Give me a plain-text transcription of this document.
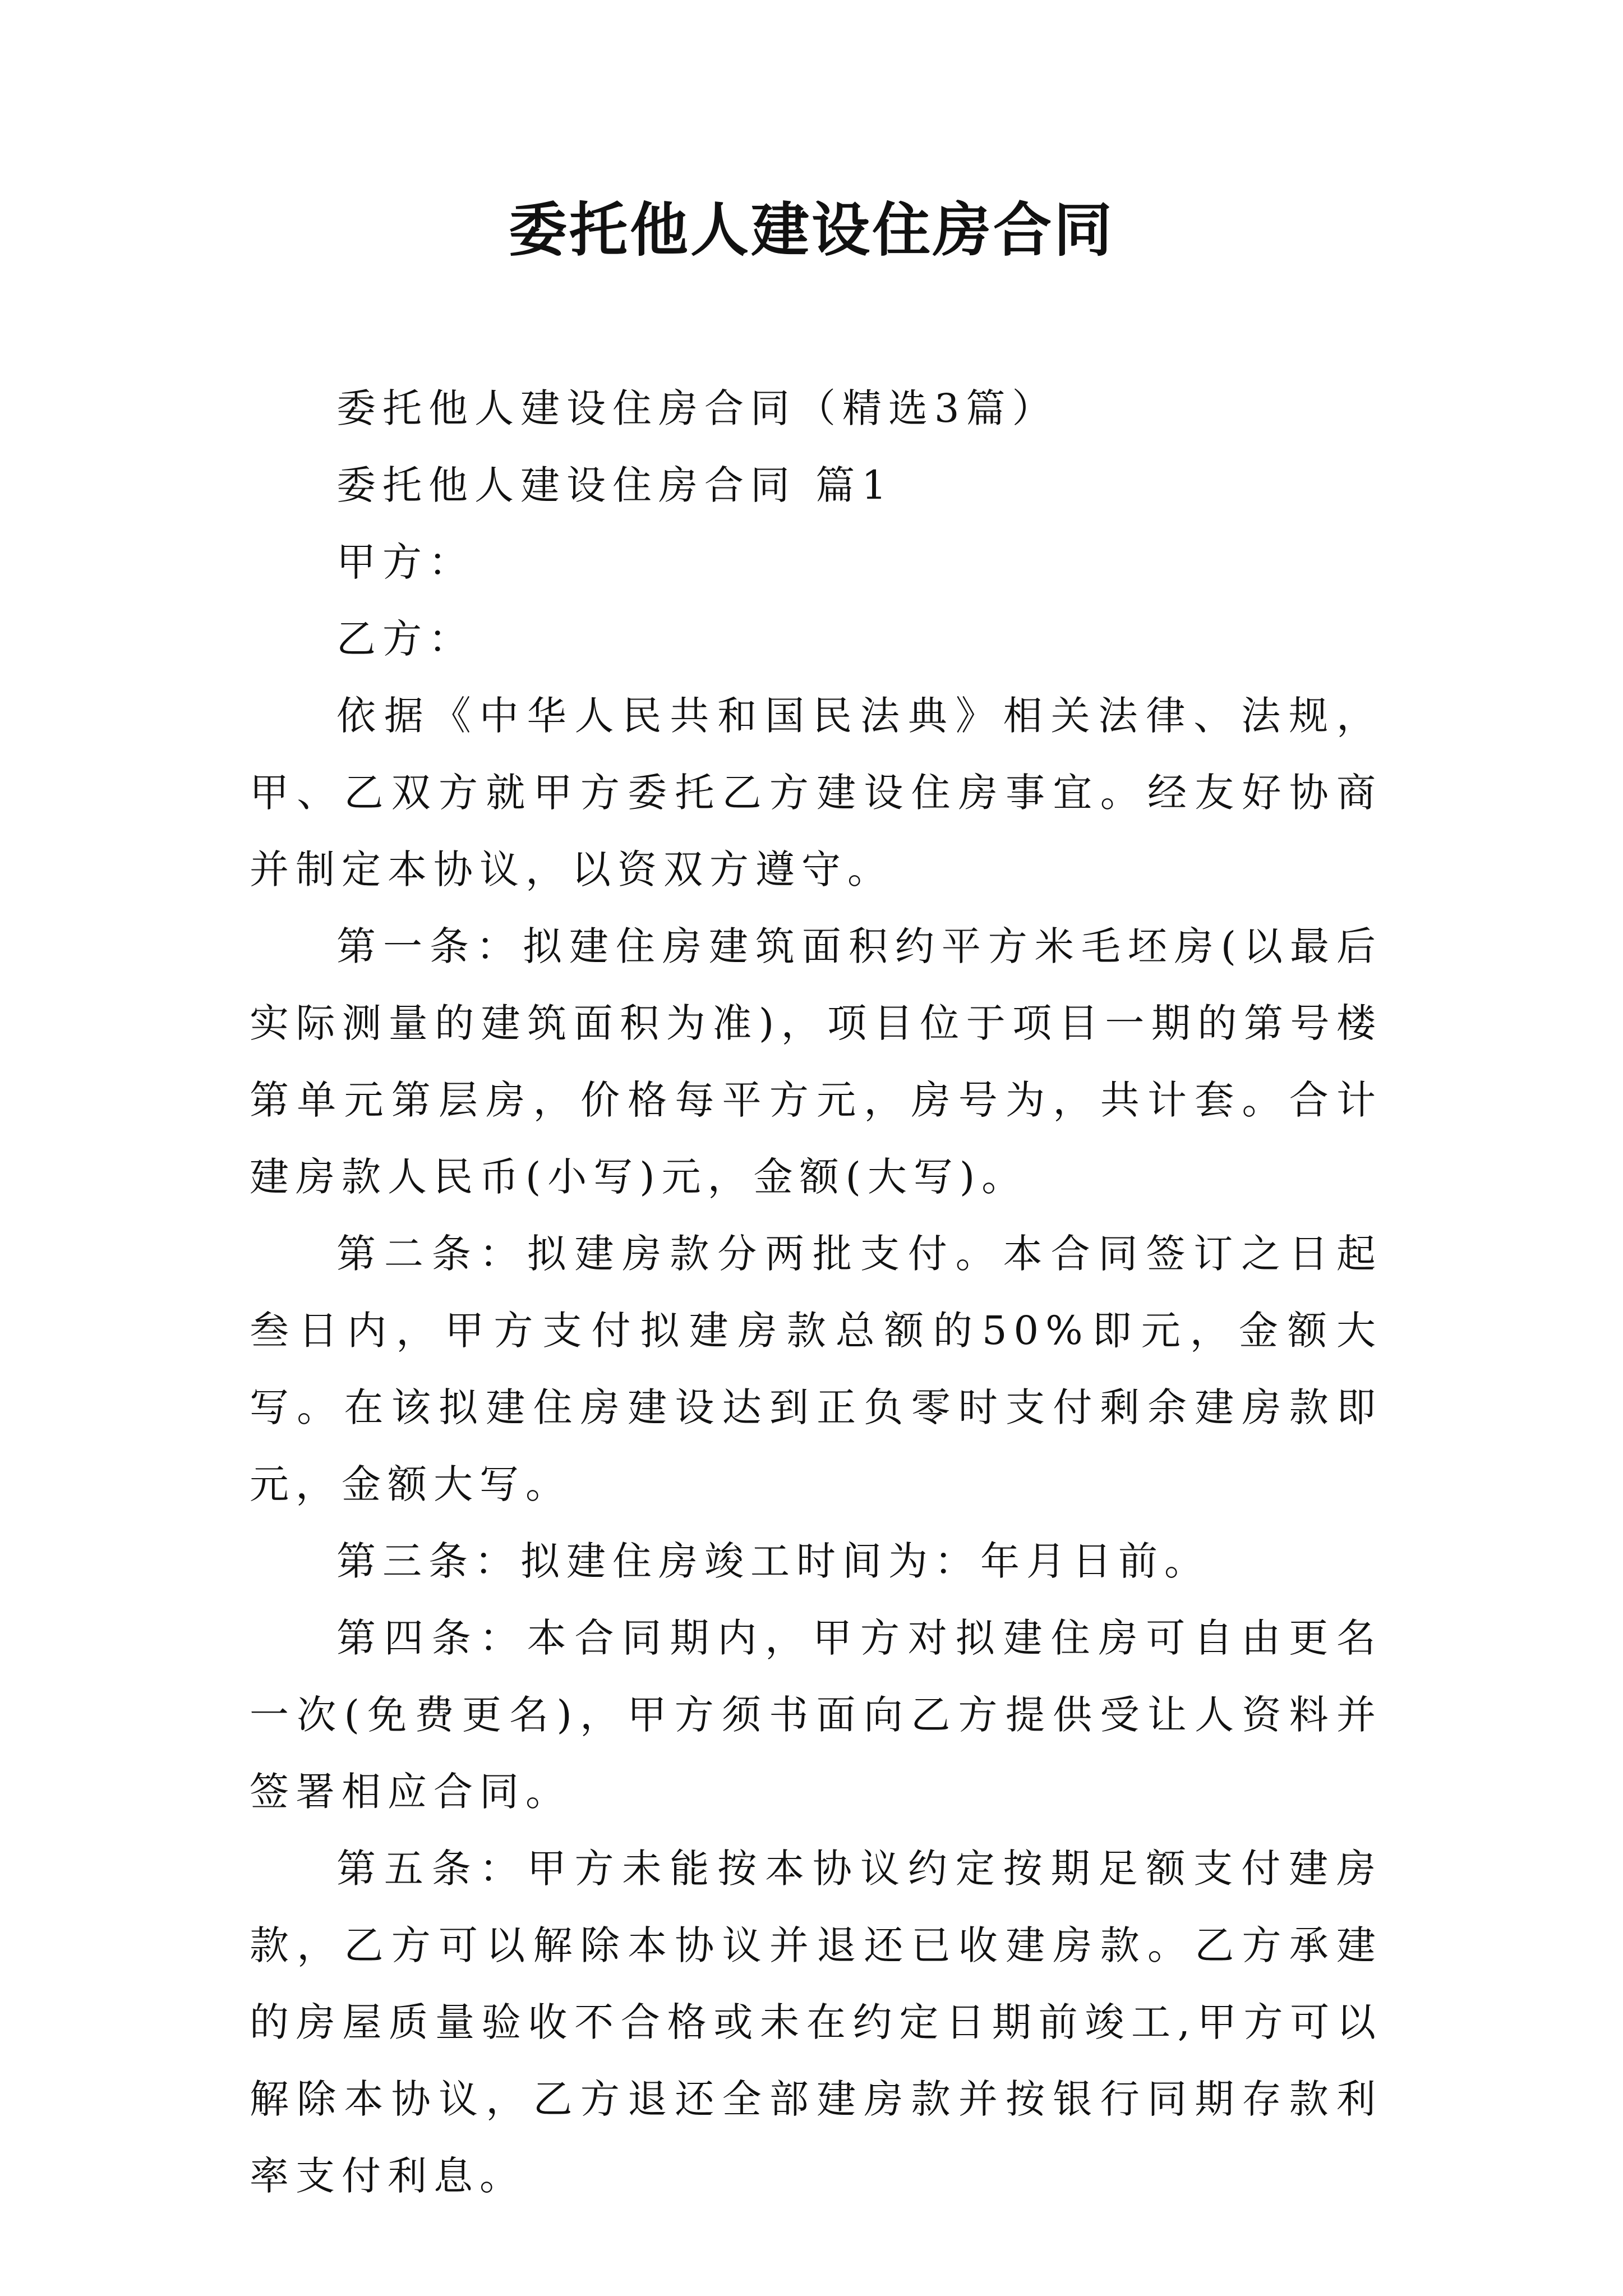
委托他人建设住房合同

委托他人建设住房合同（精选3篇）

委托他人建设住房合同 篇1

甲方：

乙方：

依据《中华人民共和国民法典》相关法律、法规，甲、乙双方就甲方委托乙方建设住房事宜。经友好协商并制定本协议，以资双方遵守。

第一条：拟建住房建筑面积约平方米毛坯房(以最后实际测量的建筑面积为准)，项目位于项目一期的第号楼第单元第层房，价格每平方元，房号为，共计套。合计建房款人民币(小写)元，金额(大写)。

第二条：拟建房款分两批支付。本合同签订之日起叁日内，甲方支付拟建房款总额的50%即元，金额大写。在该拟建住房建设达到正负零时支付剩余建房款即元，金额大写。

第三条：拟建住房竣工时间为：年月日前。

第四条：本合同期内，甲方对拟建住房可自由更名一次(免费更名)，甲方须书面向乙方提供受让人资料并签署相应合同。

第五条：甲方未能按本协议约定按期足额支付建房款，乙方可以解除本协议并退还已收建房款。乙方承建的房屋质量验收不合格或未在约定日期前竣工,甲方可以解除本协议，乙方退还全部建房款并按银行同期存款利率支付利息。
